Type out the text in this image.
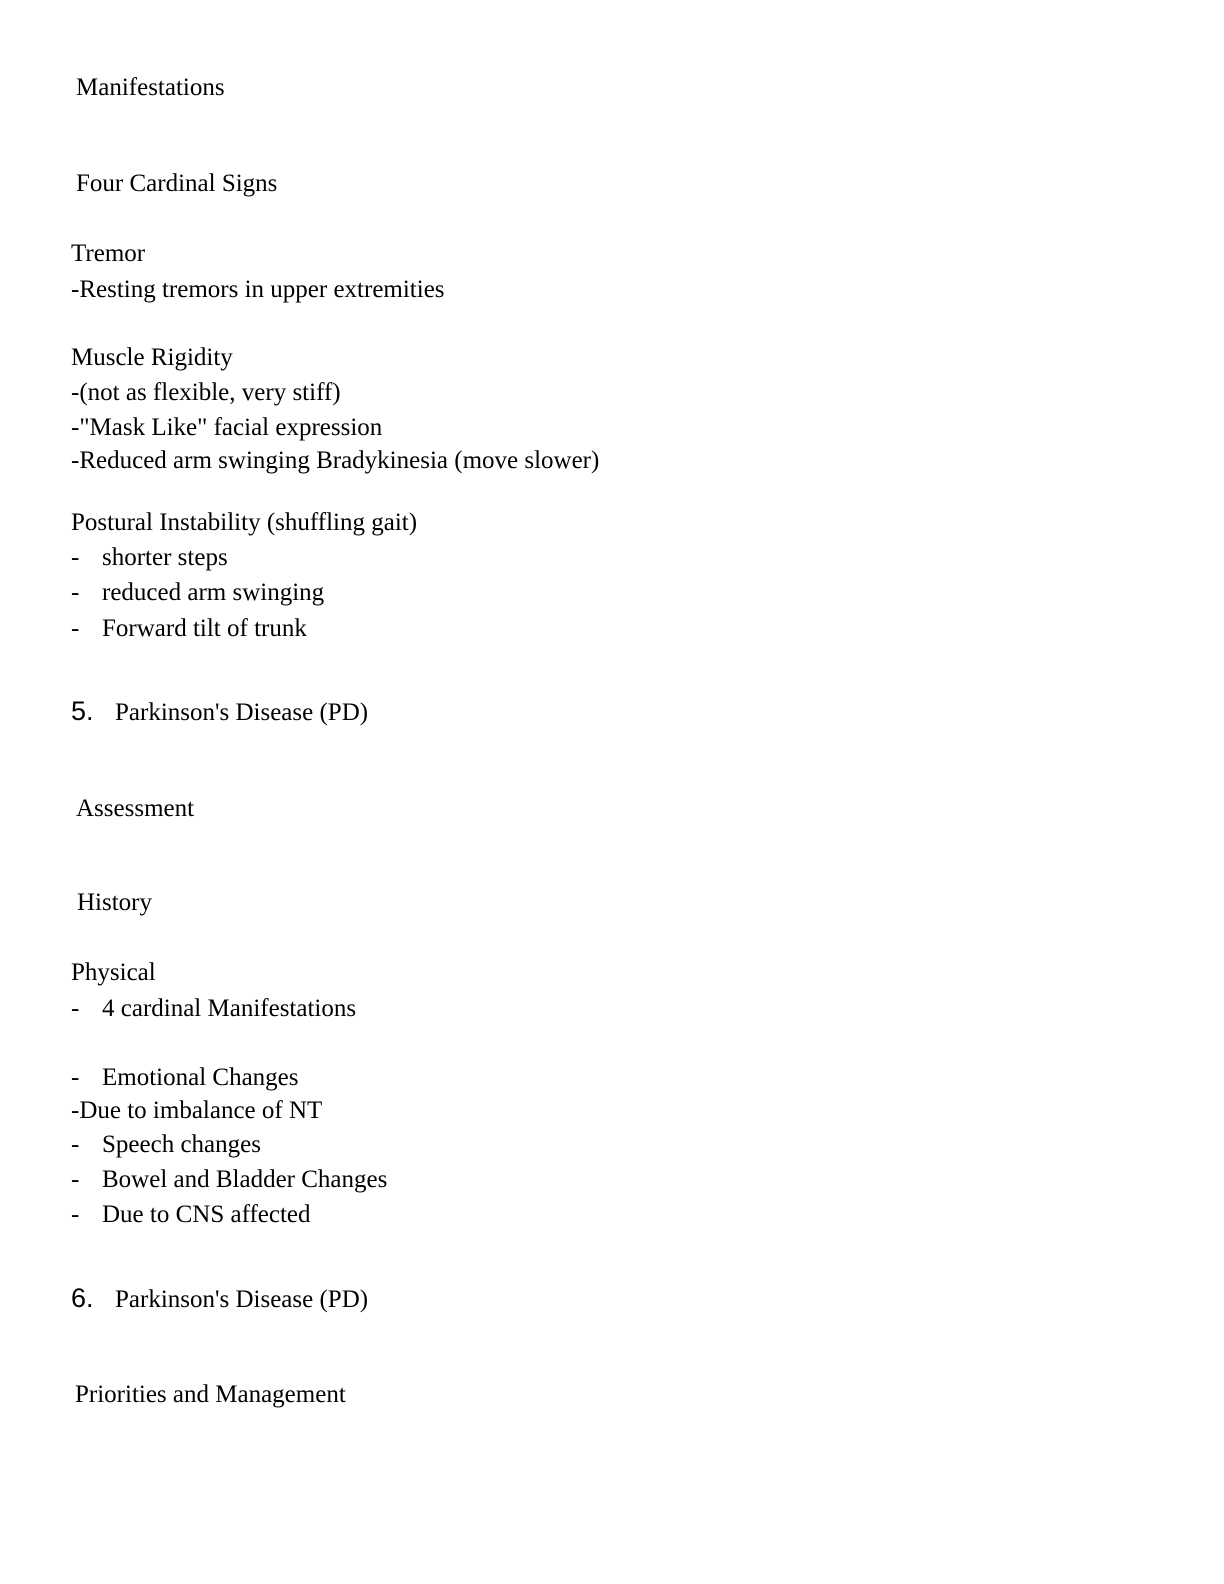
Manifestations
Four Cardinal Signs
Tremor
-Resting tremors in upper extremities
Muscle Rigidity
-(not as flexible, very stiff)
-"Mask Like" facial expression
-Reduced arm swinging Bradykinesia (move slower)
Postural Instability (shuffling gait)
- shorter steps
- reduced arm swinging
- Forward tilt of trunk
5. Parkinson's Disease (PD)
Assessment
History
Physical
- 4 cardinal Manifestations
- Emotional Changes
-Due to imbalance of NT
- Speech changes
- Bowel and Bladder Changes
- Due to CNS affected
6. Parkinson's Disease (PD)
Priorities and Management
